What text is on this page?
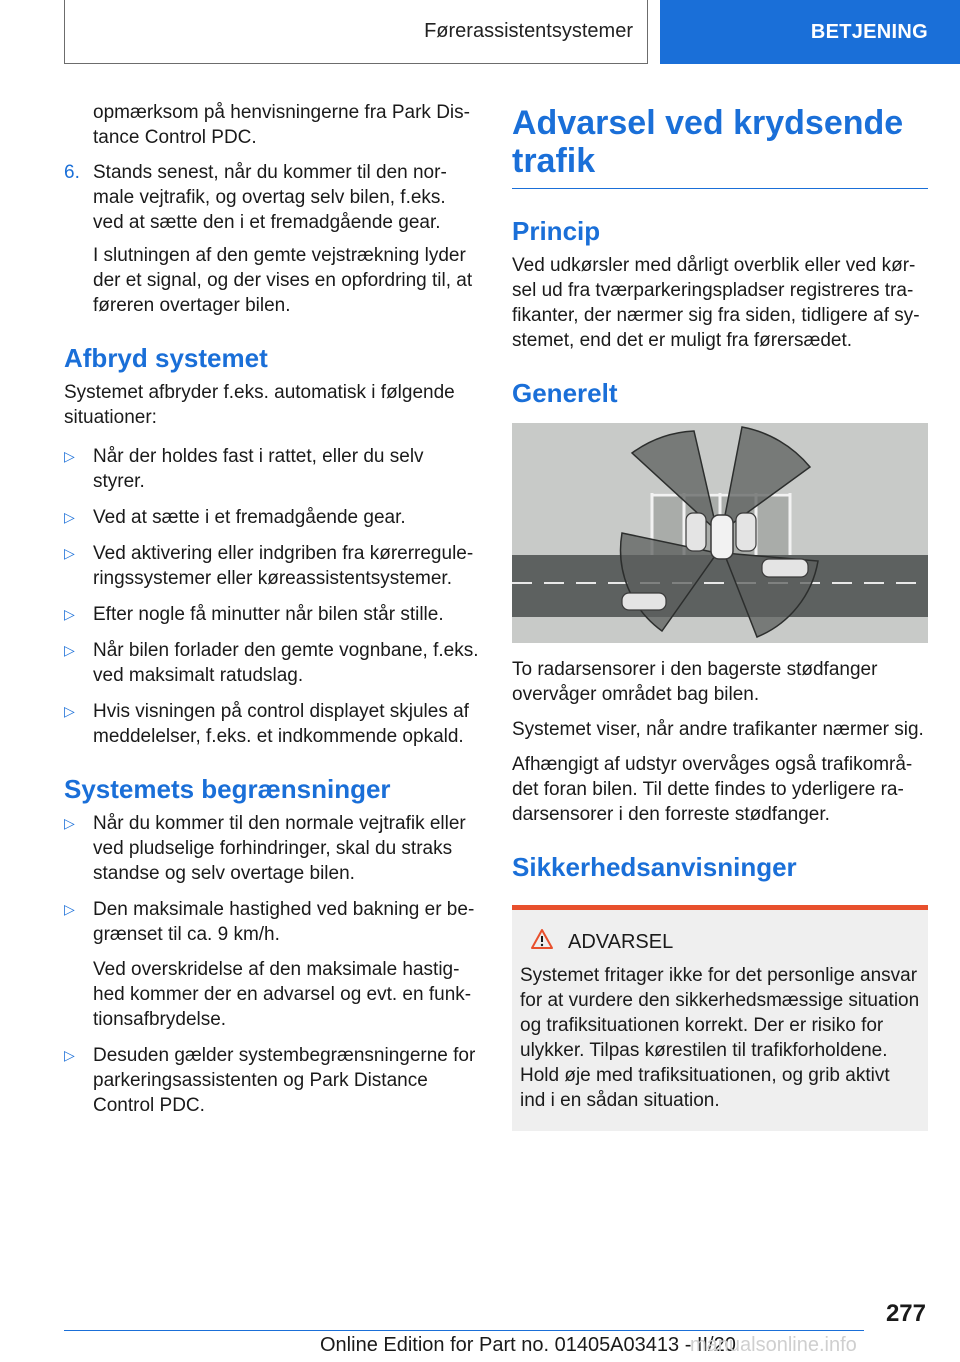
Førerassistentsystemer	BETJENING

opmærksom på henvisningerne fra Park Distance Control PDC.

6. Stands senest, når du kommer til den normale vejtrafik, og overtag selv bilen, f.eks. ved at sætte den i et fremadgående gear.

I slutningen af den gemte vejstrækning lyder der et signal, og der vises en opfordring til, at føreren overtager bilen.

Afbryd systemet

Systemet afbryder f.eks. automatisk i følgende situationer:

▷ Når der holdes fast i rattet, eller du selv styrer.
▷ Ved at sætte i et fremadgående gear.
▷ Ved aktivering eller indgriben fra kørerreguleringssystemer eller køreassistentsystemer.
▷ Efter nogle få minutter når bilen står stille.
▷ Når bilen forlader den gemte vognbane, f.eks. ved maksimalt ratudslag.
▷ Hvis visningen på control displayet skjules af meddelelser, f.eks. et indkommende opkald.
Systemets begrænsninger
▷ Når du kommer til den normale vejtrafik eller ved pludselige forhindringer, skal du straks standse og selv overtage bilen.
▷ Den maksimale hastighed ved bakning er begrænset til ca. 9 km/h.
Ved overskridelse af den maksimale hastighed kommer der en advarsel og evt. en funktionsafbrydelse.
▷ Desuden gælder systembegrænsningerne for parkeringsassistenten og Park Distance Control PDC.
Advarsel ved krydsende trafik
Princip

Ved udkørsler med dårligt overblik eller ved kørsel ud fra tværparkeringspladser registreres trafikanter, der nærmer sig fra siden, tidligere af systemet, end det er muligt fra førersædet.

Generelt

To radarsensorer i den bagerste stødfanger overvåger området bag bilen.

Systemet viser, når andre trafikanter nærmer sig.

Afhængigt af udstyr overvåges også trafikområdet foran bilen. Til dette findes to yderligere radarsensorer i den forreste stødfanger.

Sikkerhedsanvisninger
ADVARSEL

Systemet fritager ikke for det personlige ansvar for at vurdere den sikkerhedsmæssige situation og trafiksituationen korrekt. Der er risiko for ulykker. Tilpas kørestilen til trafikforholdene. Hold øje med trafiksituationen, og grib aktivt ind i en sådan situation.

277
Online Edition for Part no. 01405A03413 - II/20
manualsonline.info
